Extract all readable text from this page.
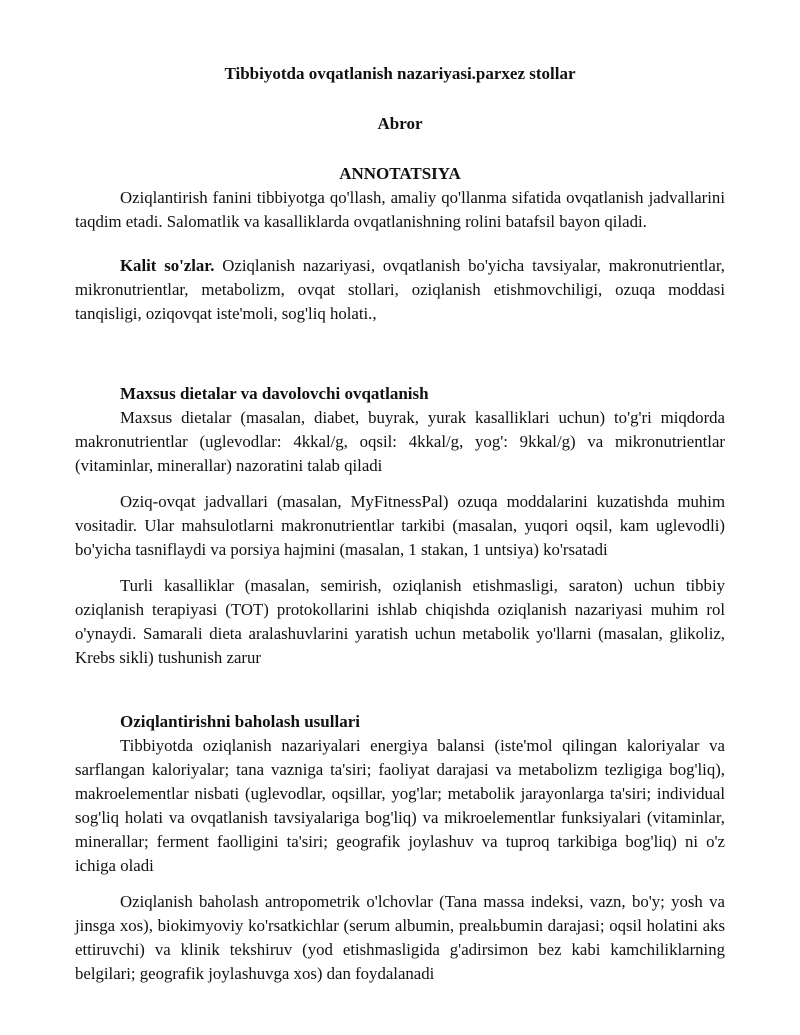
Tibbiyotda ovqatlanish nazariyasi.parxez stollar
Abror
ANNOTATSIYA

Oziqlantirish fanini tibbiyotga qo'llash, amaliy qo'llanma sifatida ovqatlanish jadvallarini taqdim etadi. Salomatlik va kasalliklarda ovqatlanishning rolini batafsil bayon qiladi.

Kalit so'zlar. Oziqlanish nazariyasi, ovqatlanish bo'yicha tavsiyalar, makronutrientlar, mikronutrientlar, metabolizm, ovqat stollari, oziqlanish etishmovchiligi, ozuqa moddasi tanqisligi, oziqovqat iste'moli, sog'liq holati.,

Maxsus dietalar va davolovchi ovqatlanish

Maxsus dietalar (masalan, diabet, buyrak, yurak kasalliklari uchun) to'g'ri miqdorda makronutrientlar (uglevodlar: 4kkal/g, oqsil: 4kkal/g, yog': 9kkal/g) va mikronutrientlar (vitaminlar, minerallar) nazoratini talab qiladi

Oziq-ovqat jadvallari (masalan, MyFitnessPal) ozuqa moddalarini kuzatishda muhim vositadir. Ular mahsulotlarni makronutrientlar tarkibi (masalan, yuqori oqsil, kam uglevodli) bo'yicha tasniflaydi va porsiya hajmini (masalan, 1 stakan, 1 untsiya) ko'rsatadi

Turli kasalliklar (masalan, semirish, oziqlanish etishmasligi, saraton) uchun tibbiy oziqlanish terapiyasi (TOT) protokollarini ishlab chiqishda oziqlanish nazariyasi muhim rol o'ynaydi. Samarali dieta aralashuvlarini yaratish uchun metabolik yo'llarni (masalan, glikoliz, Krebs sikli) tushunish zarur

Oziqlantirishni baholash usullari

Tibbiyotda oziqlanish nazariyalari energiya balansi (iste'mol qilingan kaloriyalar va sarflangan kaloriyalar; tana vazniga ta'siri; faoliyat darajasi va metabolizm tezligiga bog'liq), makroelementlar nisbati (uglevodlar, oqsillar, yog'lar; metabolik jarayonlarga ta'siri; individual sog'liq holati va ovqatlanish tavsiyalariga bog'liq) va mikroelementlar funksiyalari (vitaminlar, minerallar; ferment faolligini ta'siri; geografik joylashuv va tuproq tarkibiga bog'liq) ni o'z ichiga oladi

Oziqlanish baholash antropometrik o'lchovlar (Tana massa indeksi, vazn, bo'y; yosh va jinsga xos), biokimyoviy ko'rsatkichlar (serum albumin, prealьbumin darajasi; oqsil holatini aks ettiruvchi) va klinik tekshiruv (yod etishmasligida g'adirsimon bez kabi kamchiliklarning belgilari; geografik joylashuvga xos) dan foydalanadi
